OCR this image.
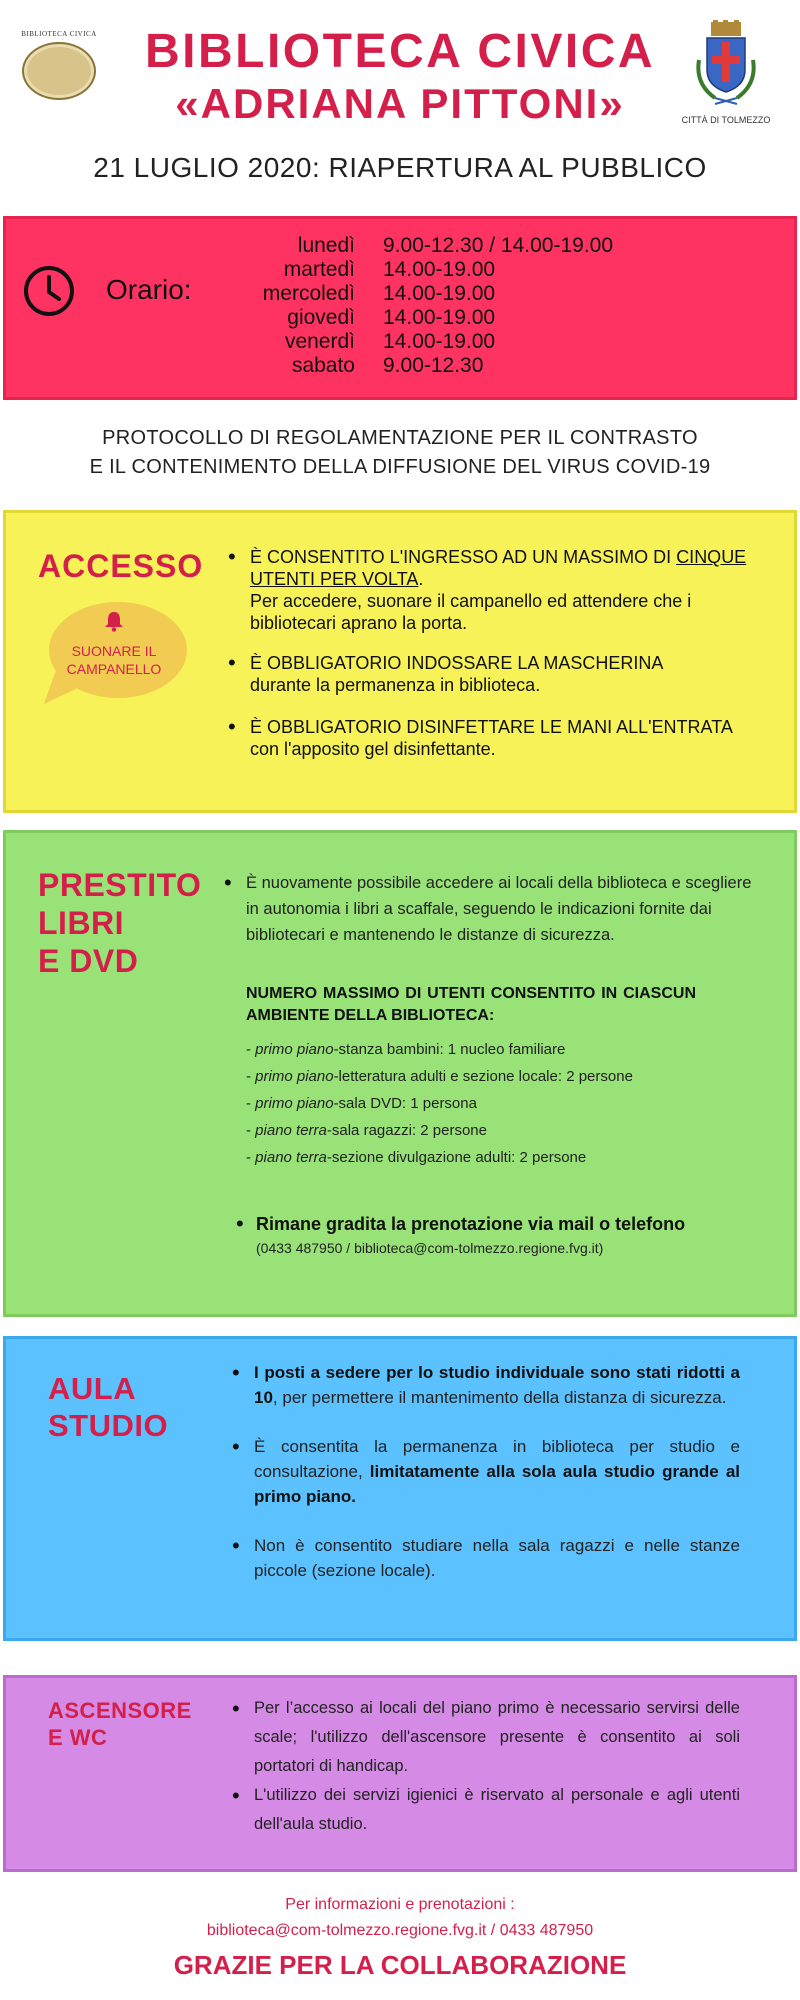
BIBLIOTECA CIVICA	BIBLIOTECA CIVICA
«ADRIANA PITTONI»	CITTÀ DI TOLMEZZO
21 LUGLIO 2020: RIAPERTURA AL PUBBLICO
Orario:
lunedì
martedì
mercoledì
giovedì
venerdì
sabato
9.00-12.30 / 14.00-19.00
14.00-19.00
14.00-19.00
14.00-19.00
14.00-19.00
9.00-12.30
PROTOCOLLO DI REGOLAMENTAZIONE PER IL CONTRASTO
E IL CONTENIMENTO DELLA DIFFUSIONE DEL VIRUS COVID-19
ACCESSO
SUONARE IL
CAMPANELLO
• È CONSENTITO L'INGRESSO AD UN MASSIMO DI CINQUE UTENTI PER VOLTA.
Per accedere, suonare il campanello ed attendere che i bibliotecari aprano la porta.
• È OBBLIGATORIO INDOSSARE LA MASCHERINA
durante la permanenza in biblioteca.
• È OBBLIGATORIO DISINFETTARE LE MANI ALL'ENTRATA con l'apposito gel disinfettante.
PRESTITO
LIBRI
E DVD
• È nuovamente possibile accedere ai locali della biblioteca e scegliere in autonomia i libri a scaffale, seguendo le indicazioni fornite dai bibliotecari e mantenendo le distanze di sicurezza.
NUMERO MASSIMO DI UTENTI CONSENTITO IN CIASCUN AMBIENTE DELLA BIBLIOTECA:
- primo piano-stanza bambini: 1 nucleo familiare
- primo piano-letteratura adulti e sezione locale: 2 persone
- primo piano-sala DVD: 1 persona
- piano terra-sala ragazzi: 2 persone
- piano terra-sezione divulgazione adulti: 2 persone
• Rimane gradita la prenotazione via mail o telefono
(0433 487950 / biblioteca@com-tolmezzo.regione.fvg.it)
AULA
STUDIO
• I posti a sedere per lo studio individuale sono stati ridotti a 10, per permettere il mantenimento della distanza di sicurezza.
• È consentita la permanenza in biblioteca per studio e consultazione, limitatamente alla sola aula studio grande al primo piano.
• Non è consentito studiare nella sala ragazzi e nelle stanze piccole (sezione locale).
ASCENSORE
E WC
• Per l’accesso ai locali del piano primo è necessario servirsi delle scale; l'utilizzo dell'ascensore presente è consentito ai soli portatori di handicap.
• L'utilizzo dei servizi igienici è riservato al personale e agli utenti dell'aula studio.
Per informazioni e prenotazioni :
biblioteca@com-tolmezzo.regione.fvg.it / 0433 487950
GRAZIE PER LA COLLABORAZIONE
